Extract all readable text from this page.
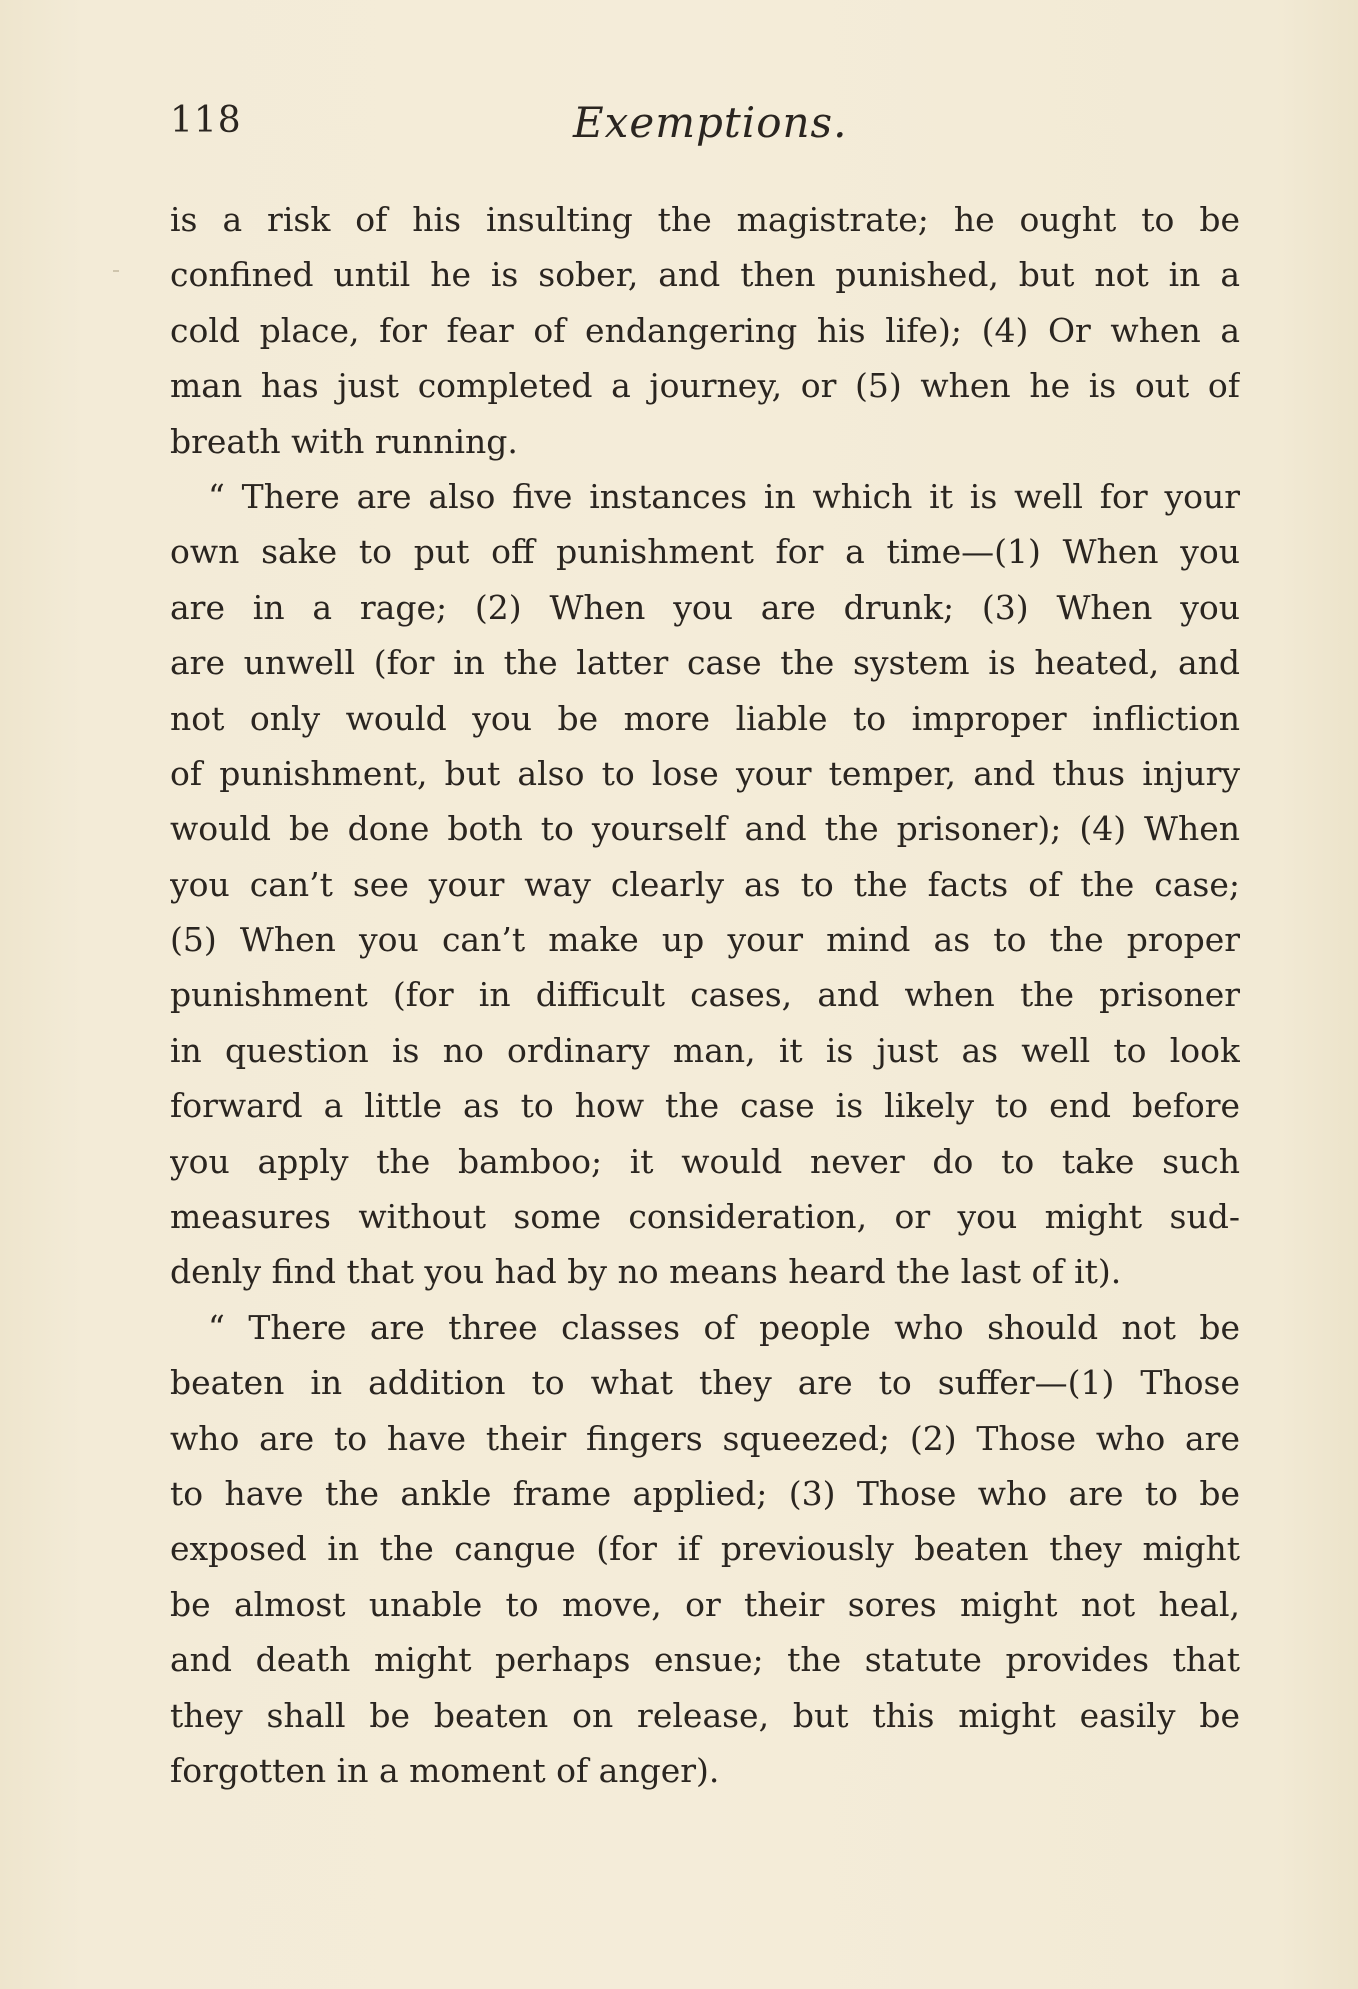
118	Exemptions.
is a risk of his insulting the magistrate; he ought to be
confined until he is sober, and then punished, but not in a
cold place, for fear of endangering his life); (4) Or when a
man has just completed a journey, or (5) when he is out of
breath with running.
“ There are also five instances in which it is well for your
own sake to put off punishment for a time—(1) When you
are in a rage; (2) When you are drunk; (3) When you
are unwell (for in the latter case the system is heated, and
not only would you be more liable to improper infliction
of punishment, but also to lose your temper, and thus injury
would be done both to yourself and the prisoner); (4) When
you can’t see your way clearly as to the facts of the case;
(5) When you can’t make up your mind as to the proper
punishment (for in difficult cases, and when the prisoner
in question is no ordinary man, it is just as well to look
forward a little as to how the case is likely to end before
you apply the bamboo; it would never do to take such
measures without some consideration, or you might sud-
denly find that you had by no means heard the last of it).
“ There are three classes of people who should not be
beaten in addition to what they are to suffer—(1) Those
who are to have their fingers squeezed; (2) Those who are
to have the ankle frame applied; (3) Those who are to be
exposed in the cangue (for if previously beaten they might
be almost unable to move, or their sores might not heal,
and death might perhaps ensue; the statute provides that
they shall be beaten on release, but this might easily be
forgotten in a moment of anger).
